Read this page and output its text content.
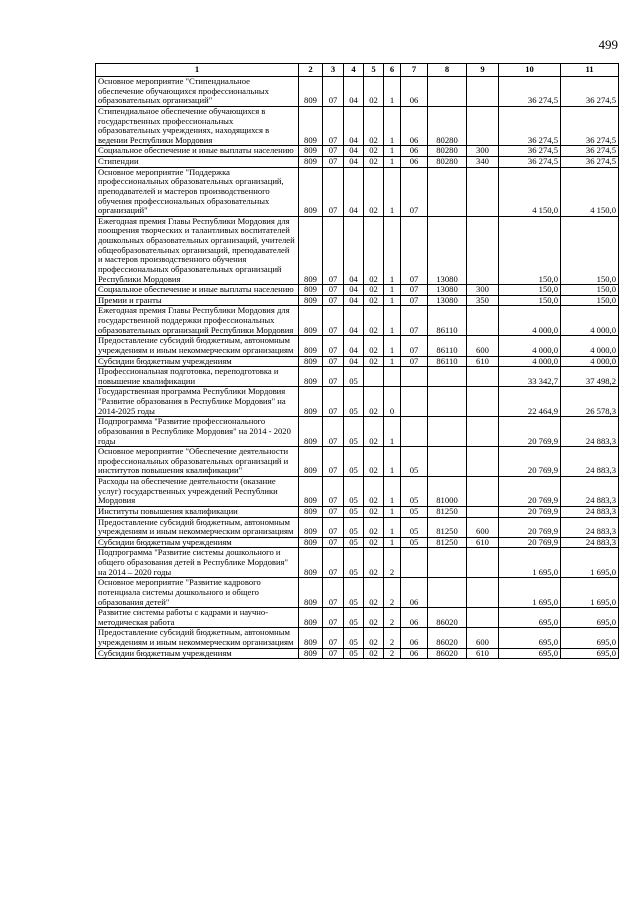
499
1	2	3	4	5	6	7	8	9	10	11
Основное мероприятие "Стипендиальное обеспечение обучающихся профессиональных образовательных организаций"	809	07	04	02	1	06			36 274,5	36 274,5
Стипендиальное обеспечение обучающихся в государственных профессиональных образовательных учреждениях, находящихся в ведении Республики Мордовия	809	07	04	02	1	06	80280		36 274,5	36 274,5
Социальное обеспечение и иные выплаты населению	809	07	04	02	1	06	80280	300	36 274,5	36 274,5
Стипендии	809	07	04	02	1	06	80280	340	36 274,5	36 274,5
Основное мероприятие "Поддержка профессиональных образовательных организаций, преподавателей и мастеров производственного обучения профессиональных образовательных организаций"	809	07	04	02	1	07			4 150,0	4 150,0
Ежегодная премия Главы Республики Мордовия для поощрения творческих и талантливых воспитателей дошкольных образовательных организаций, учителей общеобразовательных организаций, преподавателей и мастеров производственного обучения профессиональных образовательных организаций Республики Мордовия	809	07	04	02	1	07	13080		150,0	150,0
Социальное обеспечение и иные выплаты населению	809	07	04	02	1	07	13080	300	150,0	150,0
Премии и гранты	809	07	04	02	1	07	13080	350	150,0	150,0
Ежегодная премия Главы Республики Мордовия для государственной поддержки профессиональных образовательных организаций Республики Мордовия	809	07	04	02	1	07	86110		4 000,0	4 000,0
Предоставление субсидий бюджетным, автономным учреждениям и иным некоммерческим организациям	809	07	04	02	1	07	86110	600	4 000,0	4 000,0
Субсидии бюджетным учреждениям	809	07	04	02	1	07	86110	610	4 000,0	4 000,0
Профессиональная подготовка, переподготовка и повышение квалификации	809	07	05						33 342,7	37 498,2
Государственная программа Республики Мордовия "Развитие образования в Республике Мордовия" на 2014-2025 годы	809	07	05	02	0				22 464,9	26 578,3
Подпрограмма "Развитие профессионального образования в Республике Мордовия" на 2014 - 2020 годы	809	07	05	02	1				20 769,9	24 883,3
Основное мероприятие "Обеспечение деятельности профессиональных образовательных организаций и институтов повышения квалификации"	809	07	05	02	1	05			20 769,9	24 883,3
Расходы на обеспечение деятельности (оказание услуг) государственных учреждений Республики Мордовия	809	07	05	02	1	05	81000		20 769,9	24 883,3
Институты повышения квалификации	809	07	05	02	1	05	81250		20 769,9	24 883,3
Предоставление субсидий бюджетным, автономным учреждениям и иным некоммерческим организациям	809	07	05	02	1	05	81250	600	20 769,9	24 883,3
Субсидии бюджетным учреждениям	809	07	05	02	1	05	81250	610	20 769,9	24 883,3
Подпрограмма "Развитие системы дошкольного и общего образования детей в Республике Мордовия" на 2014 – 2020 годы	809	07	05	02	2				1 695,0	1 695,0
Основное мероприятие "Развитие кадрового потенциала системы дошкольного и общего образования детей"	809	07	05	02	2	06			1 695,0	1 695,0
Развитие системы работы с кадрами и научно-методическая работа	809	07	05	02	2	06	86020		695,0	695,0
Предоставление субсидий бюджетным, автономным учреждениям и иным некоммерческим организациям	809	07	05	02	2	06	86020	600	695,0	695,0
Субсидии бюджетным учреждениям	809	07	05	02	2	06	86020	610	695,0	695,0
